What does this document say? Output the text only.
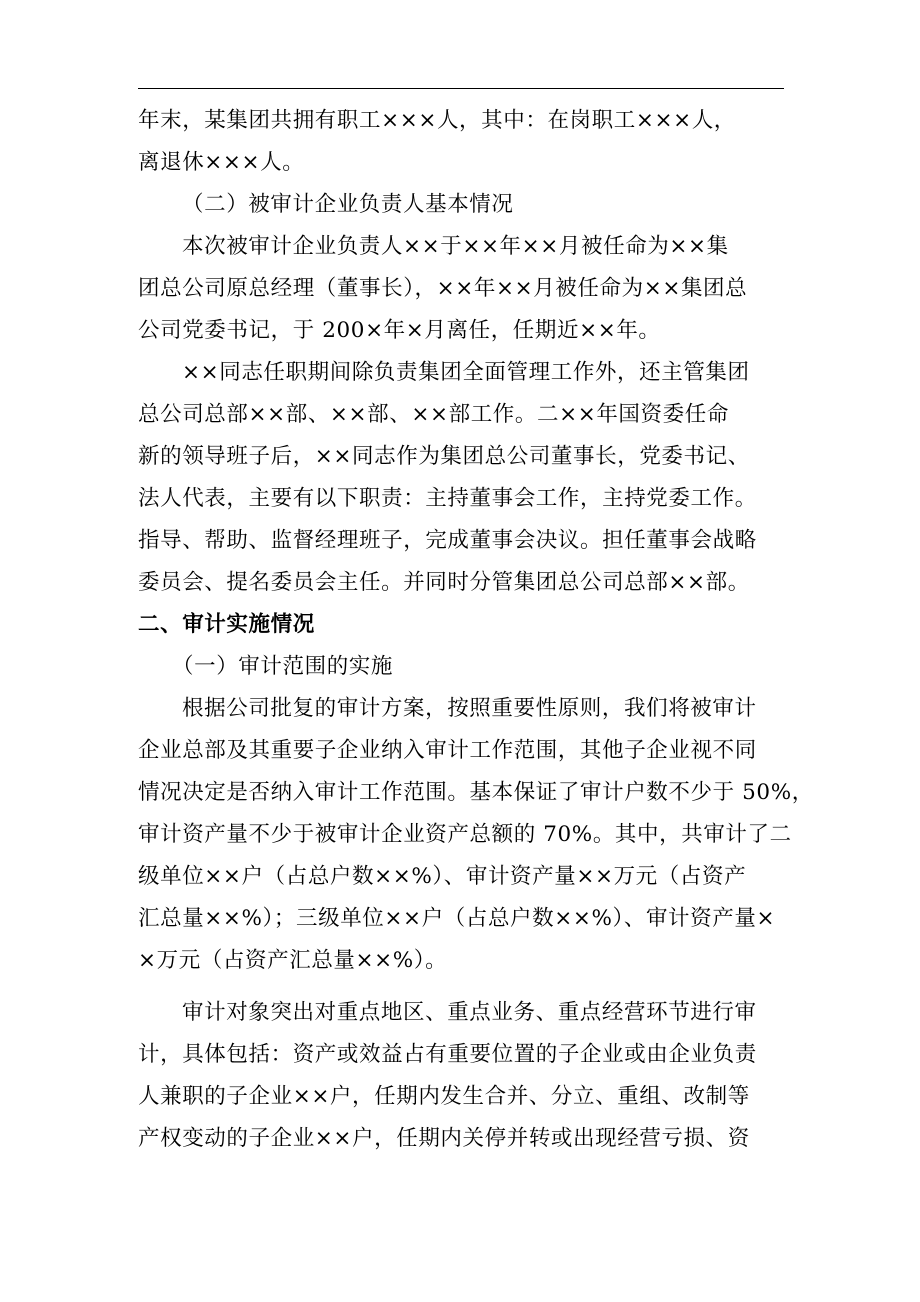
年末，某集团共拥有职工×××人，其中：在岗职工×××人，
离退休×××人。
（二）被审计企业负责人基本情况
本次被审计企业负责人××于××年××月被任命为××集
团总公司原总经理（董事长），××年××月被任命为××集团总
公司党委书记，于 200×年×月离任，任期近××年。
××同志任职期间除负责集团全面管理工作外，还主管集团
总公司总部××部、××部、××部工作。二××年国资委任命
新的领导班子后，××同志作为集团总公司董事长，党委书记、
法人代表，主要有以下职责：主持董事会工作，主持党委工作。
指导、帮助、监督经理班子，完成董事会决议。担任董事会战略
委员会、提名委员会主任。并同时分管集团总公司总部××部。
二、审计实施情况
（一）审计范围的实施
根据公司批复的审计方案，按照重要性原则，我们将被审计
企业总部及其重要子企业纳入审计工作范围，其他子企业视不同
情况决定是否纳入审计工作范围。基本保证了审计户数不少于 50%，
审计资产量不少于被审计企业资产总额的 70%。其中，共审计了二
级单位××户（占总户数××%）、审计资产量××万元（占资产
汇总量××%）；三级单位××户（占总户数××%）、审计资产量×
×万元（占资产汇总量××%）。
审计对象突出对重点地区、重点业务、重点经营环节进行审
计，具体包括：资产或效益占有重要位置的子企业或由企业负责
人兼职的子企业××户，任期内发生合并、分立、重组、改制等
产权变动的子企业××户，任期内关停并转或出现经营亏损、资
